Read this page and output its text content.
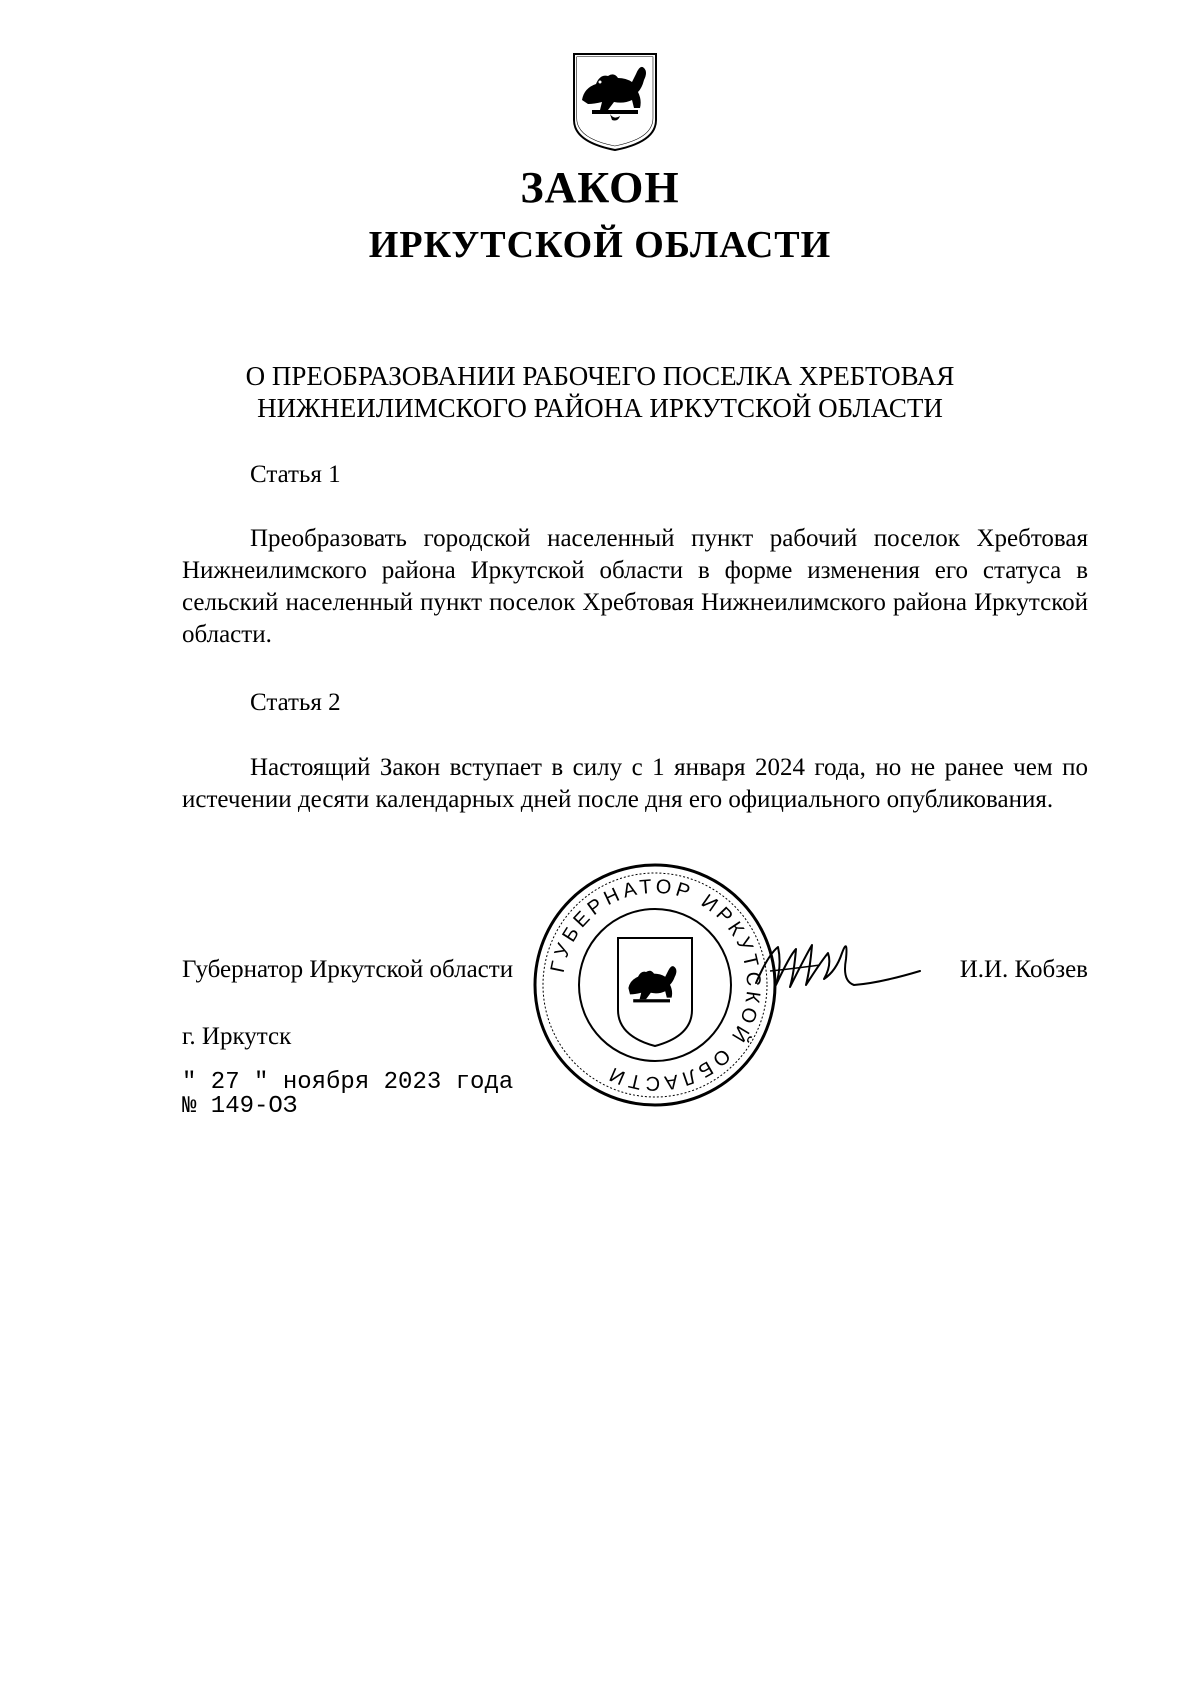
ЗАКОН
ИРКУТСКОЙ ОБЛАСТИ
О ПРЕОБРАЗОВАНИИ РАБОЧЕГО ПОСЕЛКА ХРЕБТОВАЯ
НИЖНЕИЛИМСКОГО РАЙОНА ИРКУТСКОЙ ОБЛАСТИ
Статья 1

Преобразовать городской населенный пункт рабочий поселок Хребтовая Нижнеилимского района Иркутской области в форме изменения его статуса в сельский населенный пункт поселок Хребтовая Нижнеилимского района Иркутской области.

Статья 2

Настоящий Закон вступает в силу с 1 января 2024 года, но не ранее чем по истечении десяти календарных дней после дня его официального опубликования.

ГУБЕРНАТОР ИРКУТСКОЙ ОБЛАСТИ
Губернатор Иркутской области	И.И. Кобзев
г. Иркутск
" 27 " ноября 2023 года
№ 149-ОЗ
